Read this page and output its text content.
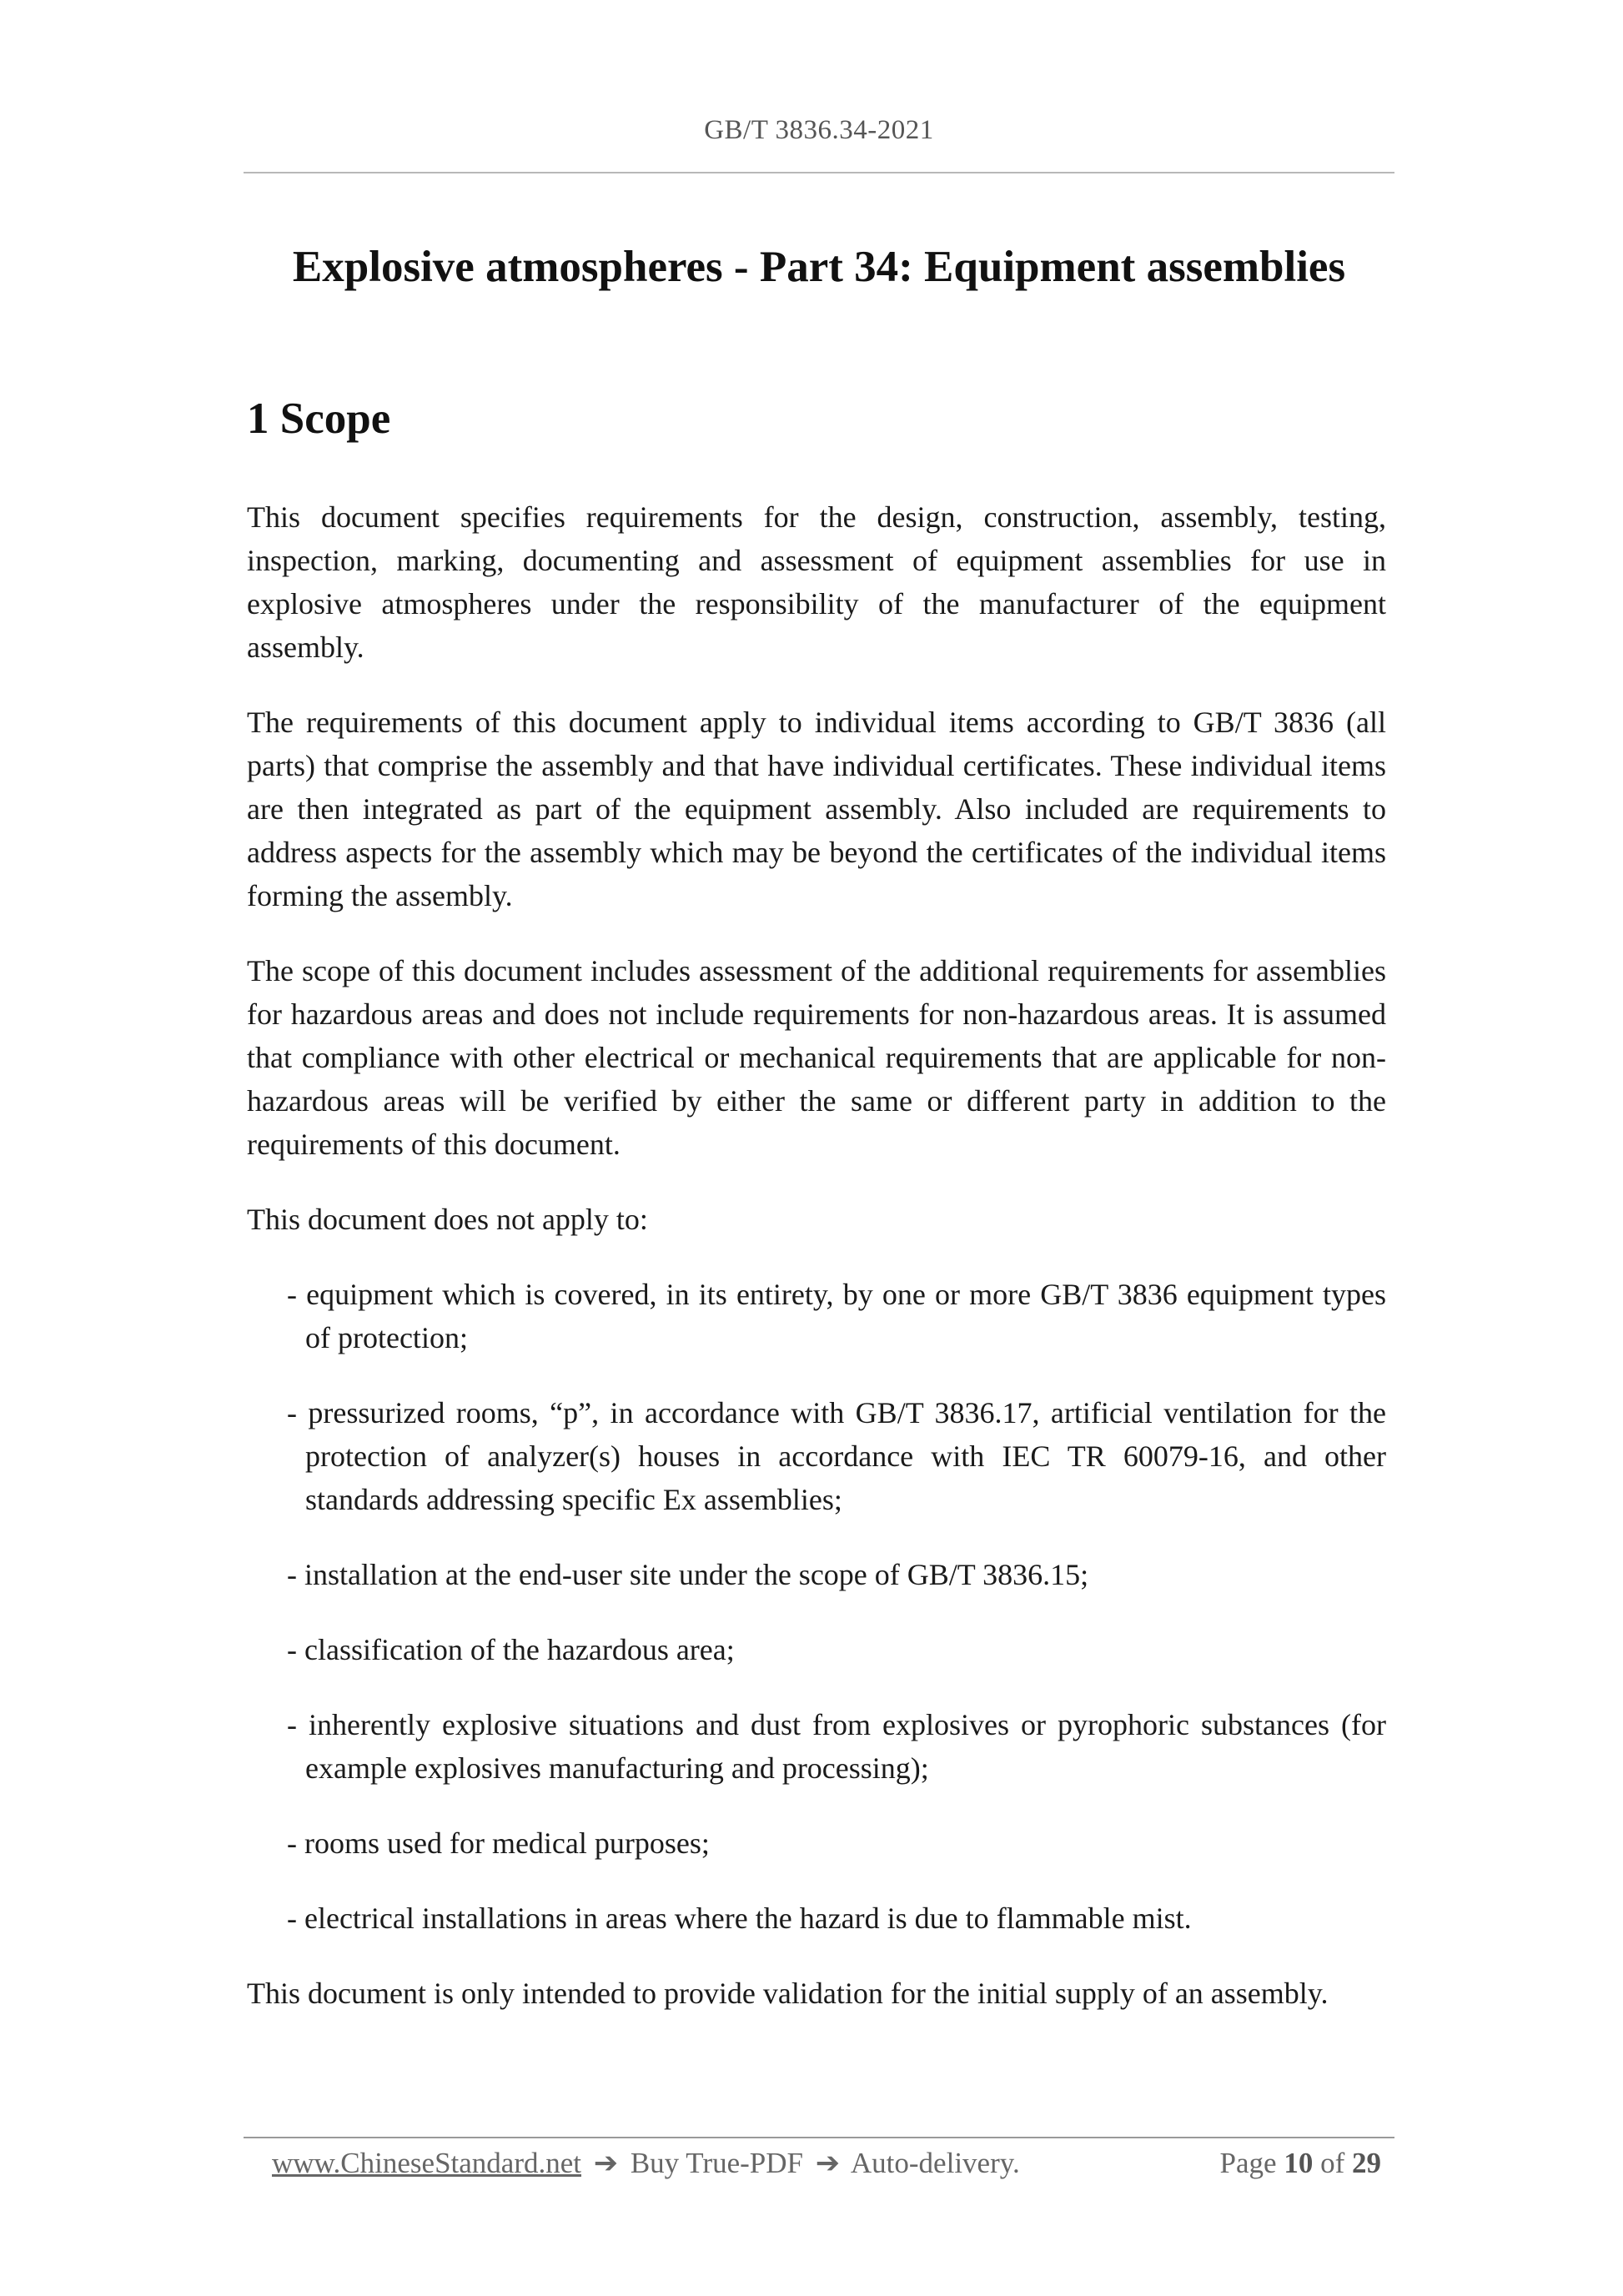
GB/T 3836.34-2021
Explosive atmospheres - Part 34: Equipment assemblies
1 Scope

This document specifies requirements for the design, construction, assembly, testing, inspection, marking, documenting and assessment of equipment assemblies for use in explosive atmospheres under the responsibility of the manufacturer of the equipment assembly.

The requirements of this document apply to individual items according to GB/T 3836 (all parts) that comprise the assembly and that have individual certificates. These individual items are then integrated as part of the equipment assembly. Also included are requirements to address aspects for the assembly which may be beyond the certificates of the individual items forming the assembly.

The scope of this document includes assessment of the additional requirements for assemblies for hazardous areas and does not include requirements for non-hazardous areas. It is assumed that compliance with other electrical or mechanical requirements that are applicable for non-hazardous areas will be verified by either the same or different party in addition to the requirements of this document.

This document does not apply to:

- equipment which is covered, in its entirety, by one or more GB/T 3836 equipment types of protection;
- pressurized rooms, “p”, in accordance with GB/T 3836.17, artificial ventilation for the protection of analyzer(s) houses in accordance with IEC TR 60079-16, and other standards addressing specific Ex assemblies;
- installation at the end-user site under the scope of GB/T 3836.15;
- classification of the hazardous area;
- inherently explosive situations and dust from explosives or pyrophoric substances (for example explosives manufacturing and processing);
- rooms used for medical purposes;
- electrical installations in areas where the hazard is due to flammable mist.

This document is only intended to provide validation for the initial supply of an assembly.

www.ChineseStandard.net ➔ Buy True-PDF ➔ Auto-delivery.	Page 10 of 29
